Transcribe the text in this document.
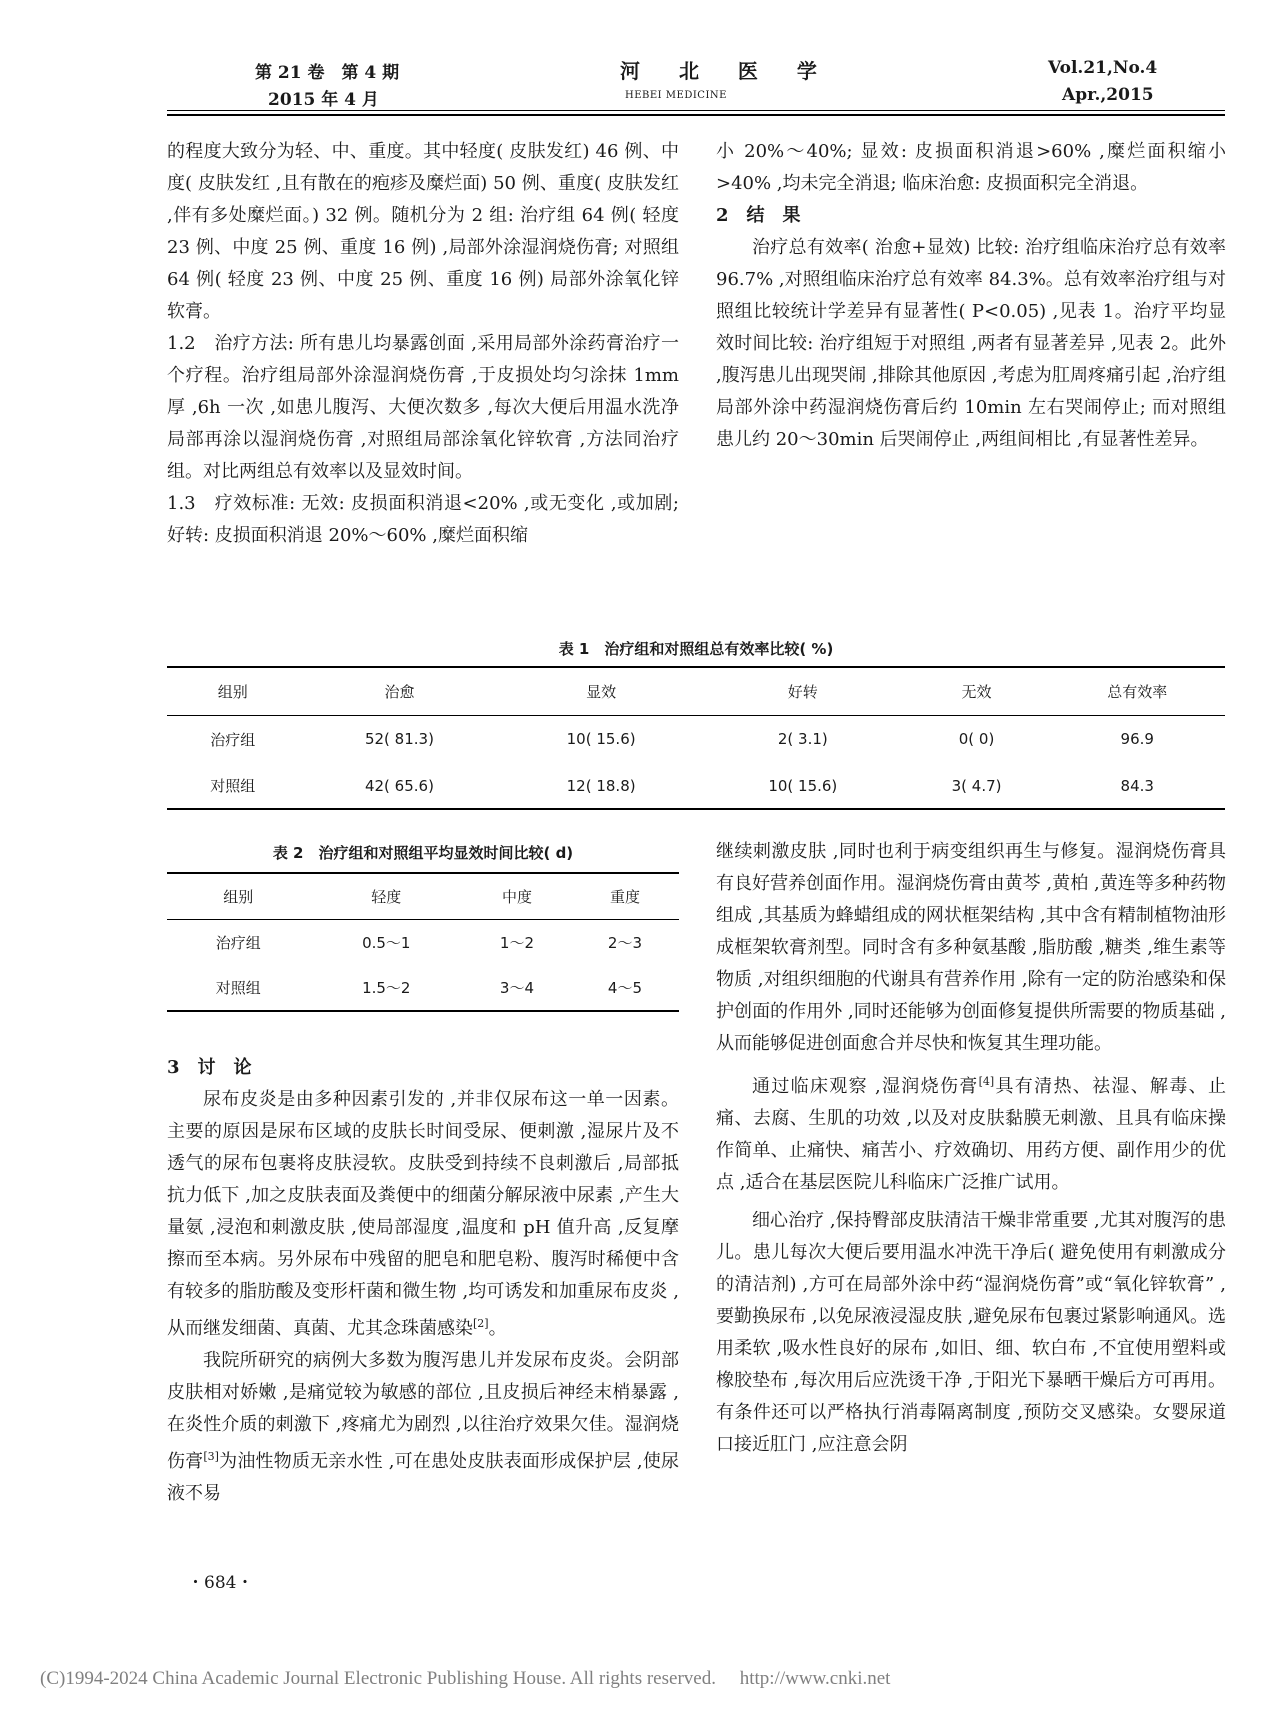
第 21 卷　第 4 期
2015 年 4 月
河 北 医 学
HEBEI MEDICINE
Vol.21,No.4
Apr.,2015

的程度大致分为轻、中、重度。其中轻度( 皮肤发红) 46 例、中度( 皮肤发红 ,且有散在的疱疹及糜烂面) 50 例、重度( 皮肤发红 ,伴有多处糜烂面。) 32 例。随机分为 2 组: 治疗组 64 例( 轻度 23 例、中度 25 例、重度 16 例) ,局部外涂湿润烧伤膏; 对照组 64 例( 轻度 23 例、中度 25 例、重度 16 例) 局部外涂氧化锌软膏。

1.2　治疗方法: 所有患儿均暴露创面 ,采用局部外涂药膏治疗一个疗程。治疗组局部外涂湿润烧伤膏 ,于皮损处均匀涂抹 1mm 厚 ,6h 一次 ,如患儿腹泻、大便次数多 ,每次大便后用温水洗净局部再涂以湿润烧伤膏 ,对照组局部涂氧化锌软膏 ,方法同治疗组。对比两组总有效率以及显效时间。

1.3　疗效标准: 无效: 皮损面积消退<20% ,或无变化 ,或加剧; 好转: 皮损面积消退 20%～60% ,糜烂面积缩

小 20%～40%; 显效: 皮损面积消退>60% ,糜烂面积缩小>40% ,均未完全消退; 临床治愈: 皮损面积完全消退。

2　结　果

治疗总有效率( 治愈+显效) 比较: 治疗组临床治疗总有效率 96.7% ,对照组临床治疗总有效率 84.3%。总有效率治疗组与对照组比较统计学差异有显著性( P<0.05) ,见表 1。治疗平均显效时间比较: 治疗组短于对照组 ,两者有显著差异 ,见表 2。此外 ,腹泻患儿出现哭闹 ,排除其他原因 ,考虑为肛周疼痛引起 ,治疗组局部外涂中药湿润烧伤膏后约 10min 左右哭闹停止; 而对照组患儿约 20～30min 后哭闹停止 ,两组间相比 ,有显著性差异。

表 1　治疗组和对照组总有效率比较( %)
组别	治愈	显效	好转	无效	总有效率
治疗组	52( 81.3)	10( 15.6)	2( 3.1)	0( 0)	96.9
对照组	42( 65.6)	12( 18.8)	10( 15.6)	3( 4.7)	84.3
表 2　治疗组和对照组平均显效时间比较( d)
组别	轻度	中度	重度
治疗组	0.5～1	1～2	2～3
对照组	1.5～2	3～4	4～5

3　讨　论

尿布皮炎是由多种因素引发的 ,并非仅尿布这一单一因素。主要的原因是尿布区域的皮肤长时间受尿、便刺激 ,湿尿片及不透气的尿布包裹将皮肤浸软。皮肤受到持续不良刺激后 ,局部抵抗力低下 ,加之皮肤表面及粪便中的细菌分解尿液中尿素 ,产生大量氨 ,浸泡和刺激皮肤 ,使局部湿度 ,温度和 pH 值升高 ,反复摩擦而至本病。另外尿布中残留的肥皂和肥皂粉、腹泻时稀便中含有较多的脂肪酸及变形杆菌和微生物 ,均可诱发和加重尿布皮炎 ,从而继发细菌、真菌、尤其念珠菌感染[2]。

我院所研究的病例大多数为腹泻患儿并发尿布皮炎。会阴部皮肤相对娇嫩 ,是痛觉较为敏感的部位 ,且皮损后神经末梢暴露 ,在炎性介质的刺激下 ,疼痛尤为剧烈 ,以往治疗效果欠佳。湿润烧伤膏[3]为油性物质无亲水性 ,可在患处皮肤表面形成保护层 ,使尿液不易

・684・

继续刺激皮肤 ,同时也利于病变组织再生与修复。湿润烧伤膏具有良好营养创面作用。湿润烧伤膏由黄芩 ,黄柏 ,黄连等多种药物组成 ,其基质为蜂蜡组成的网状框架结构 ,其中含有精制植物油形成框架软膏剂型。同时含有多种氨基酸 ,脂肪酸 ,糖类 ,维生素等物质 ,对组织细胞的代谢具有营养作用 ,除有一定的防治感染和保护创面的作用外 ,同时还能够为创面修复提供所需要的物质基础 ,从而能够促进创面愈合并尽快和恢复其生理功能。

通过临床观察 ,湿润烧伤膏[4]具有清热、祛湿、解毒、止痛、去腐、生肌的功效 ,以及对皮肤黏膜无刺激、且具有临床操作简单、止痛快、痛苦小、疗效确切、用药方便、副作用少的优点 ,适合在基层医院儿科临床广泛推广试用。

细心治疗 ,保持臀部皮肤清洁干燥非常重要 ,尤其对腹泻的患儿。患儿每次大便后要用温水冲洗干净后( 避免使用有刺激成分的清洁剂) ,方可在局部外涂中药“湿润烧伤膏”或“氧化锌软膏” ,要勤换尿布 ,以免尿液浸湿皮肤 ,避免尿布包裹过紧影响通风。选用柔软 ,吸水性良好的尿布 ,如旧、细、软白布 ,不宜使用塑料或橡胶垫布 ,每次用后应洗烫干净 ,于阳光下暴晒干燥后方可再用。有条件还可以严格执行消毒隔离制度 ,预防交叉感染。女婴尿道口接近肛门 ,应注意会阴

(C)1994-2024 China Academic Journal Electronic Publishing House. All rights reserved.　 http://www.cnki.net
